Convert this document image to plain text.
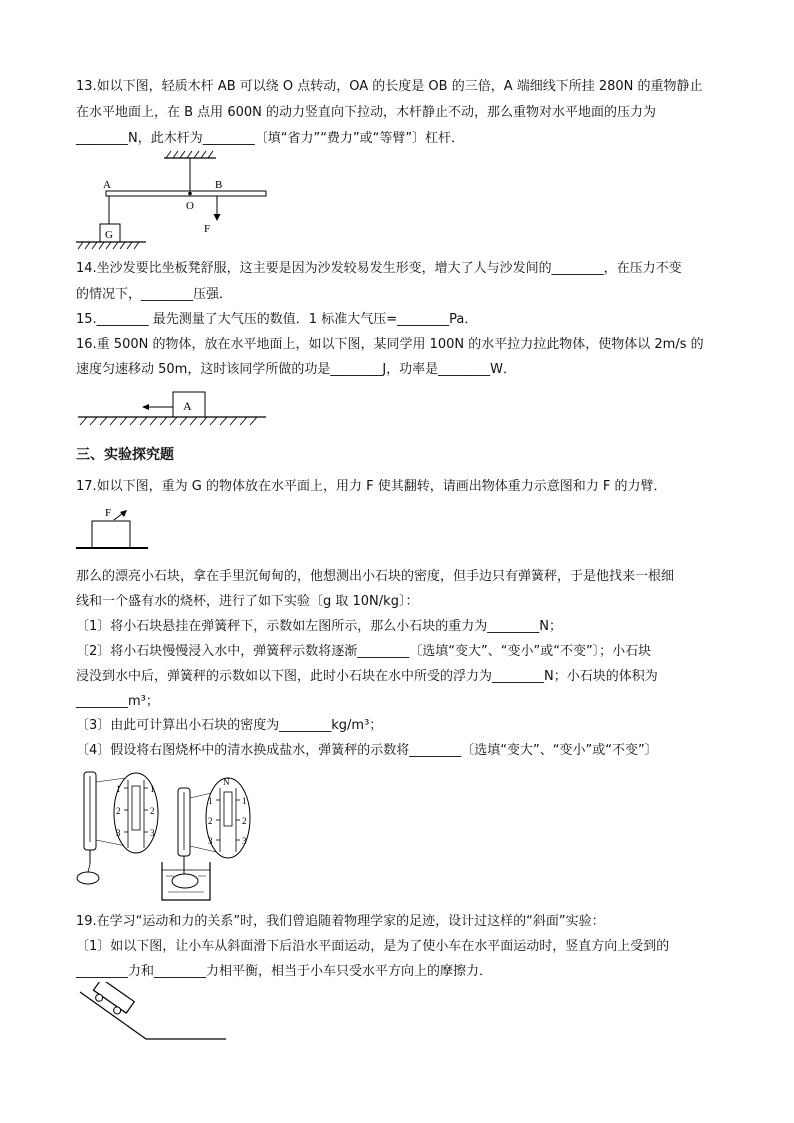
13.如以下图，轻质木杆 AB 可以绕 O 点转动，OA 的长度是 OB 的三倍，A 端细线下所挂 280N 的重物静止
在水平地面上，在 B 点用 600N 的动力竖直向下拉动，木杆静止不动，那么重物对水平地面的压力为
________N，此木杆为________〔填“省力”“费力”或“等臂”〕杠杆．
A	B
O
F
G
14.坐沙发要比坐板凳舒服，这主要是因为沙发较易发生形变，增大了人与沙发间的________，在压力不变
的情况下，________压强．
15.________ 最先测量了大气压的数值．1 标准大气压=________Pa．
16.重 500N 的物体，放在水平地面上，如以下图，某同学用 100N 的水平拉力拉此物体，使物体以 2m/s 的
速度匀速移动 50m，这时该同学所做的功是________J，功率是________W．
A
三、实验探究题
17.如以下图，重为 G 的物体放在水平面上，用力 F 使其翻转，请画出物体重力示意图和力 F 的力臂．
F
那么的漂亮小石块，拿在手里沉甸甸的，他想测出小石块的密度，但手边只有弹簧秤，于是他找来一根细
线和一个盛有水的烧杯，进行了如下实验〔g 取 10N/kg〕：
〔1〕将小石块悬挂在弹簧秤下，示数如左图所示，那么小石块的重力为________N；
〔2〕将小石块慢慢浸入水中，弹簧秤示数将逐渐________〔选填“变大”、“变小”或“不变”〕；小石块
浸没到水中后，弹簧秤的示数如以下图，此时小石块在水中所受的浮力为________N；小石块的体积为
________m³；
〔3〕由此可计算出小石块的密度为________kg/m³；
〔4〕假设将右图烧杯中的清水换成盐水，弹簧秤的示数将________〔选填“变大”、“变小”或“不变”〕
1	1
2	2
3	3
N
1	1
2	2
3	3
19.在学习“运动和力的关系”时，我们曾追随着物理学家的足迹，设计过这样的“斜面”实验：
〔1〕如以下图，让小车从斜面滑下后沿水平面运动，是为了使小车在水平面运动时，竖直方向上受到的
________力和________力相平衡，相当于小车只受水平方向上的摩擦力．
